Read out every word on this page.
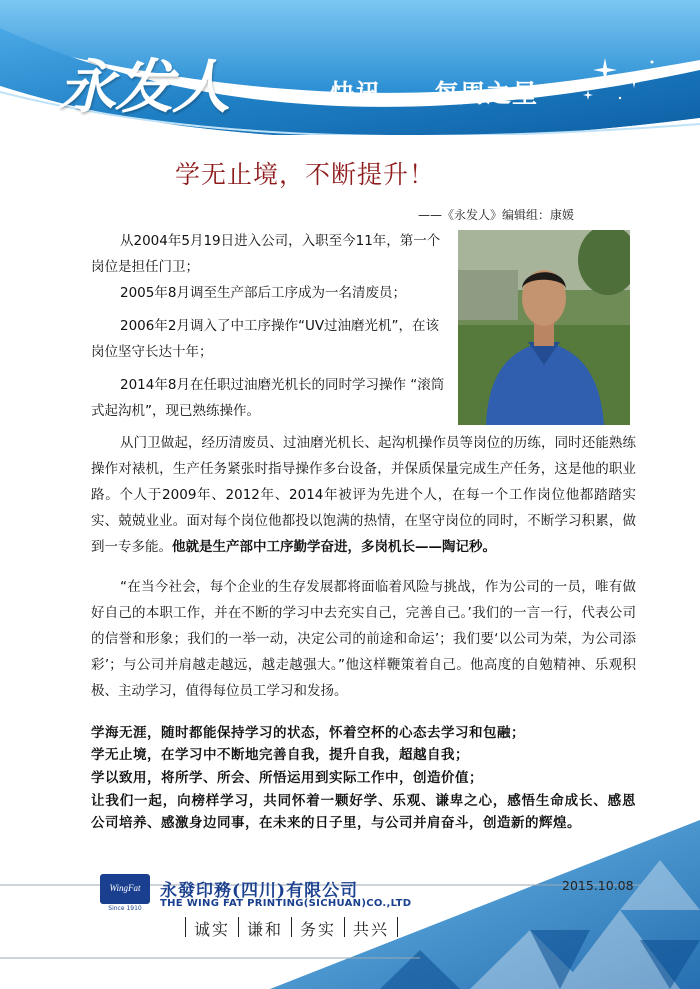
永发人	快讯——每周之星
学无止境，不断提升！
——《永发人》编辑组：康媛
从2004年5月19日进入公司，入职至今11年，第一个岗位是担任门卫；
2005年8月调至生产部后工序成为一名清废员；
2006年2月调入了中工序操作“UV过油磨光机”，在该岗位坚守长达十年；
2014年8月在任职过油磨光机长的同时学习操作 “滚筒式起沟机”，现已熟练操作。
从门卫做起，经历清废员、过油磨光机长、起沟机操作员等岗位的历练，同时还能熟练操作对裱机，生产任务紧张时指导操作多台设备，并保质保量完成生产任务，这是他的职业路。个人于2009年、2012年、2014年被评为先进个人，在每一个工作岗位他都踏踏实实、兢兢业业。面对每个岗位他都投以饱满的热情，在坚守岗位的同时，不断学习积累，做到一专多能。他就是生产部中工序勤学奋进，多岗机长——陶记秒。
“在当今社会，每个企业的生存发展都将面临着风险与挑战，作为公司的一员，唯有做好自己的本职工作，并在不断的学习中去充实自己，完善自己。’我们的一言一行，代表公司的信誉和形象；我们的一举一动，决定公司的前途和命运’；我们要‘以公司为荣，为公司添彩’；与公司并肩越走越远，越走越强大。”他这样鞭策着自己。他高度的自勉精神、乐观积极、主动学习，值得每位员工学习和发扬。
学海无涯，随时都能保持学习的状态，怀着空杯的心态去学习和包融；
学无止境，在学习中不断地完善自我，提升自我，超越自我；
学以致用，将所学、所会、所悟运用到实际工作中，创造价值；
让我们一起，向榜样学习，共同怀着一颗好学、乐观、谦卑之心，感悟生命成长、感恩公司培养、感激身边同事，在未来的日子里，与公司并肩奋斗，创造新的辉煌。
2015.10.08
WingFat
Since 1910
永發印務(四川)有限公司
THE WING FAT PRINTING(SICHUAN)CO.,LTD
诚实 谦和 务实 共兴
